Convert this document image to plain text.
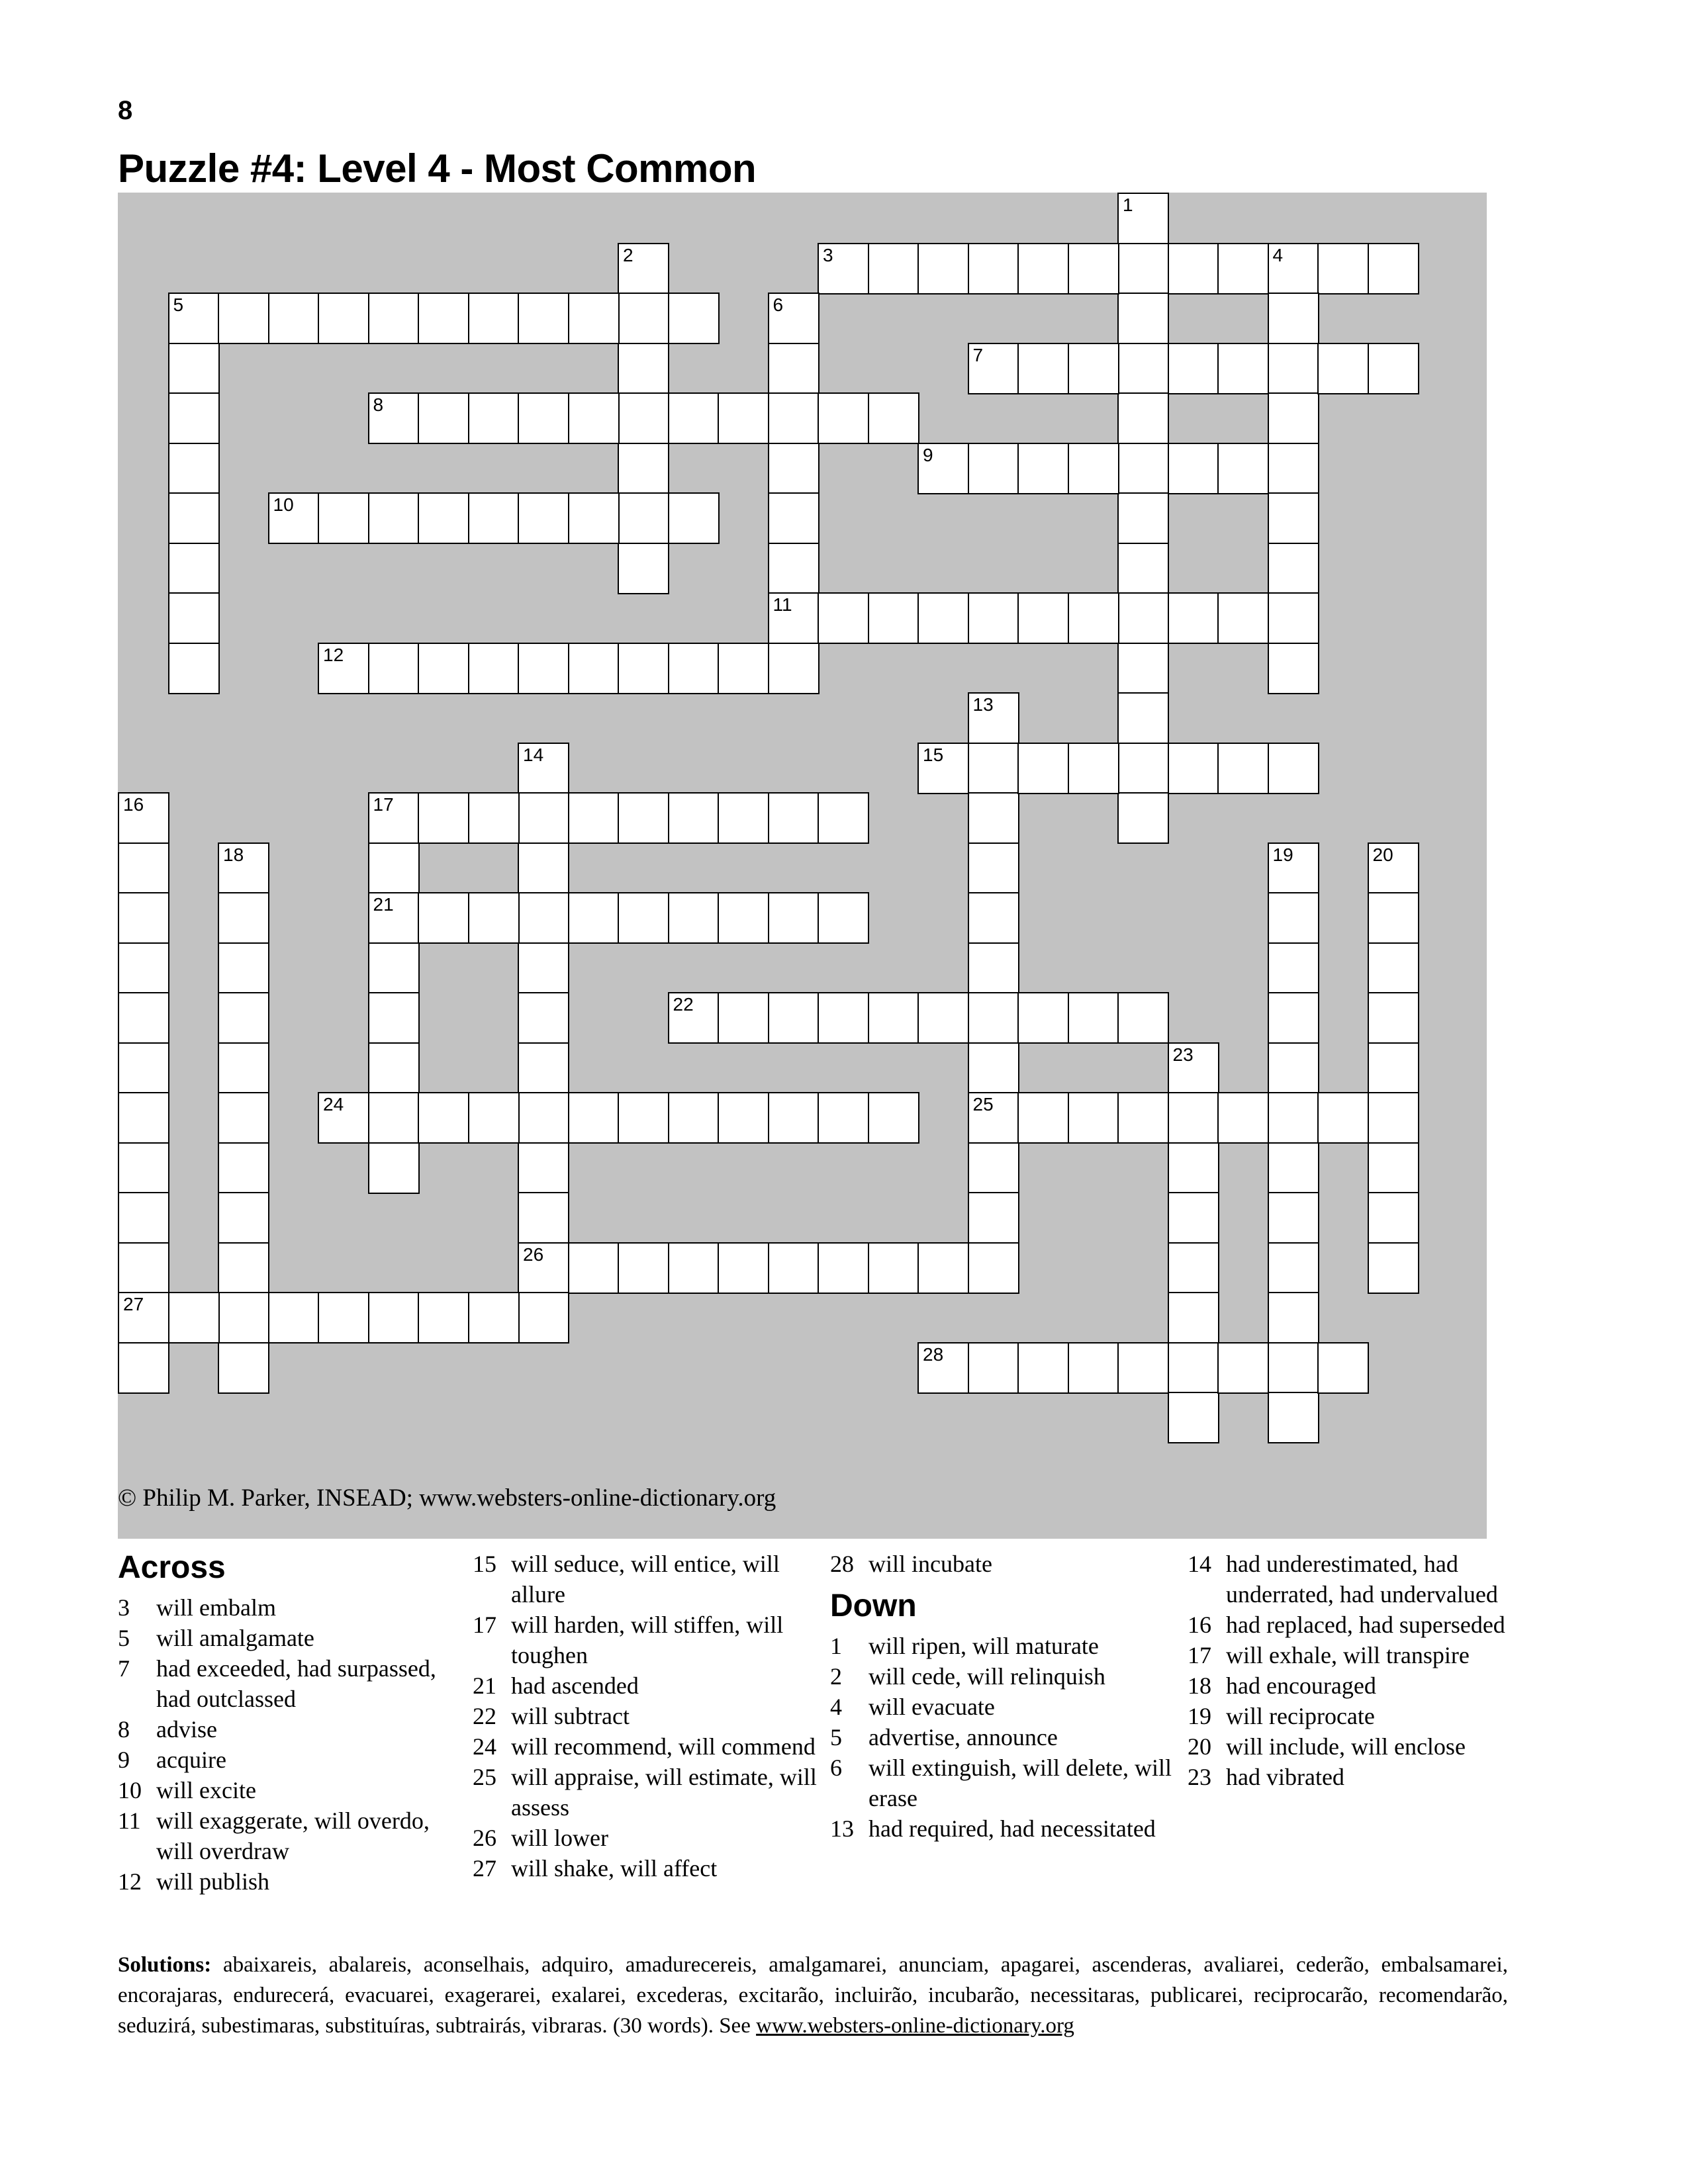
8
Puzzle #4: Level 4 - Most Common
1
2	3	4
5	6
11
7
8
9
10
12
13
25
14
26
15
16
27
17
21
18	19	20
22
23
24
28
© Philip M. Parker, INSEAD; www.websters-online-dictionary.org
Across
3 will embalm
5 will amalgamate
7 had exceeded, had surpassed, had outclassed
8 advise
9 acquire
10 will excite
11 will exaggerate, will overdo, will overdraw
12 will publish
15 will seduce, will entice, will allure
17 will harden, will stiffen, will toughen
21 had ascended
22 will subtract
24 will recommend, will commend
25 will appraise, will estimate, will assess
26 will lower
27 will shake, will affect
28 will incubate
Down
1 will ripen, will maturate
2 will cede, will relinquish
4 will evacuate
5 advertise, announce
6 will extinguish, will delete, will erase
13 had required, had necessitated
14 had underestimated, had underrated, had undervalued
16 had replaced, had superseded
17 will exhale, will transpire
18 had encouraged
19 will reciprocate
20 will include, will enclose
23 had vibrated
Solutions: abaixareis, abalareis, aconselhais, adquiro, amadurecereis, amalgamarei, anunciam, apagarei, ascenderas, avaliarei, cederão, embalsamarei, encorajaras, endurecerá, evacuarei, exagerarei, exalarei, excederas, excitarão, incluirão, incubarão, necessitaras, publicarei, reciprocarão, recomendarão, seduzirá, subestimaras, substituíras, subtrairás, vibraras. (30 words). See www.websters-online-dictionary.org
